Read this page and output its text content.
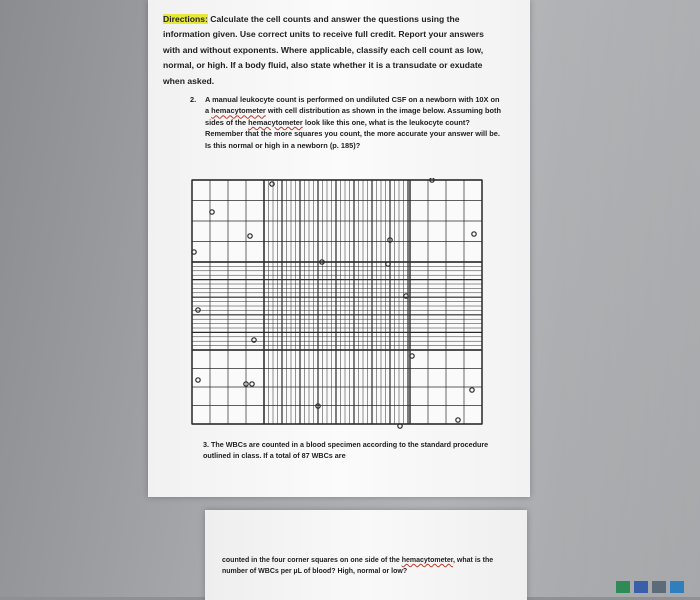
Directions: Calculate the cell counts and answer the questions using the information given. Use correct units to receive full credit. Report your answers with and without exponents. Where applicable, classify each cell count as low, normal, or high. If a body fluid, also state whether it is a transudate or exudate when asked.
2. A manual leukocyte count is performed on undiluted CSF on a newborn with 10X on a hemacytometer with cell distribution as shown in the image below. Assuming both sides of the hemacytometer look like this one, what is the leukocyte count? Remember that the more squares you count, the more accurate your answer will be. Is this normal or high in a newborn (p. 185)?
3. The WBCs are counted in a blood specimen according to the standard procedure outlined in class. If a total of 87 WBCs are
counted in the four corner squares on one side of the hemacytometer, what is the number of WBCs per µL of blood? High, normal or low?
